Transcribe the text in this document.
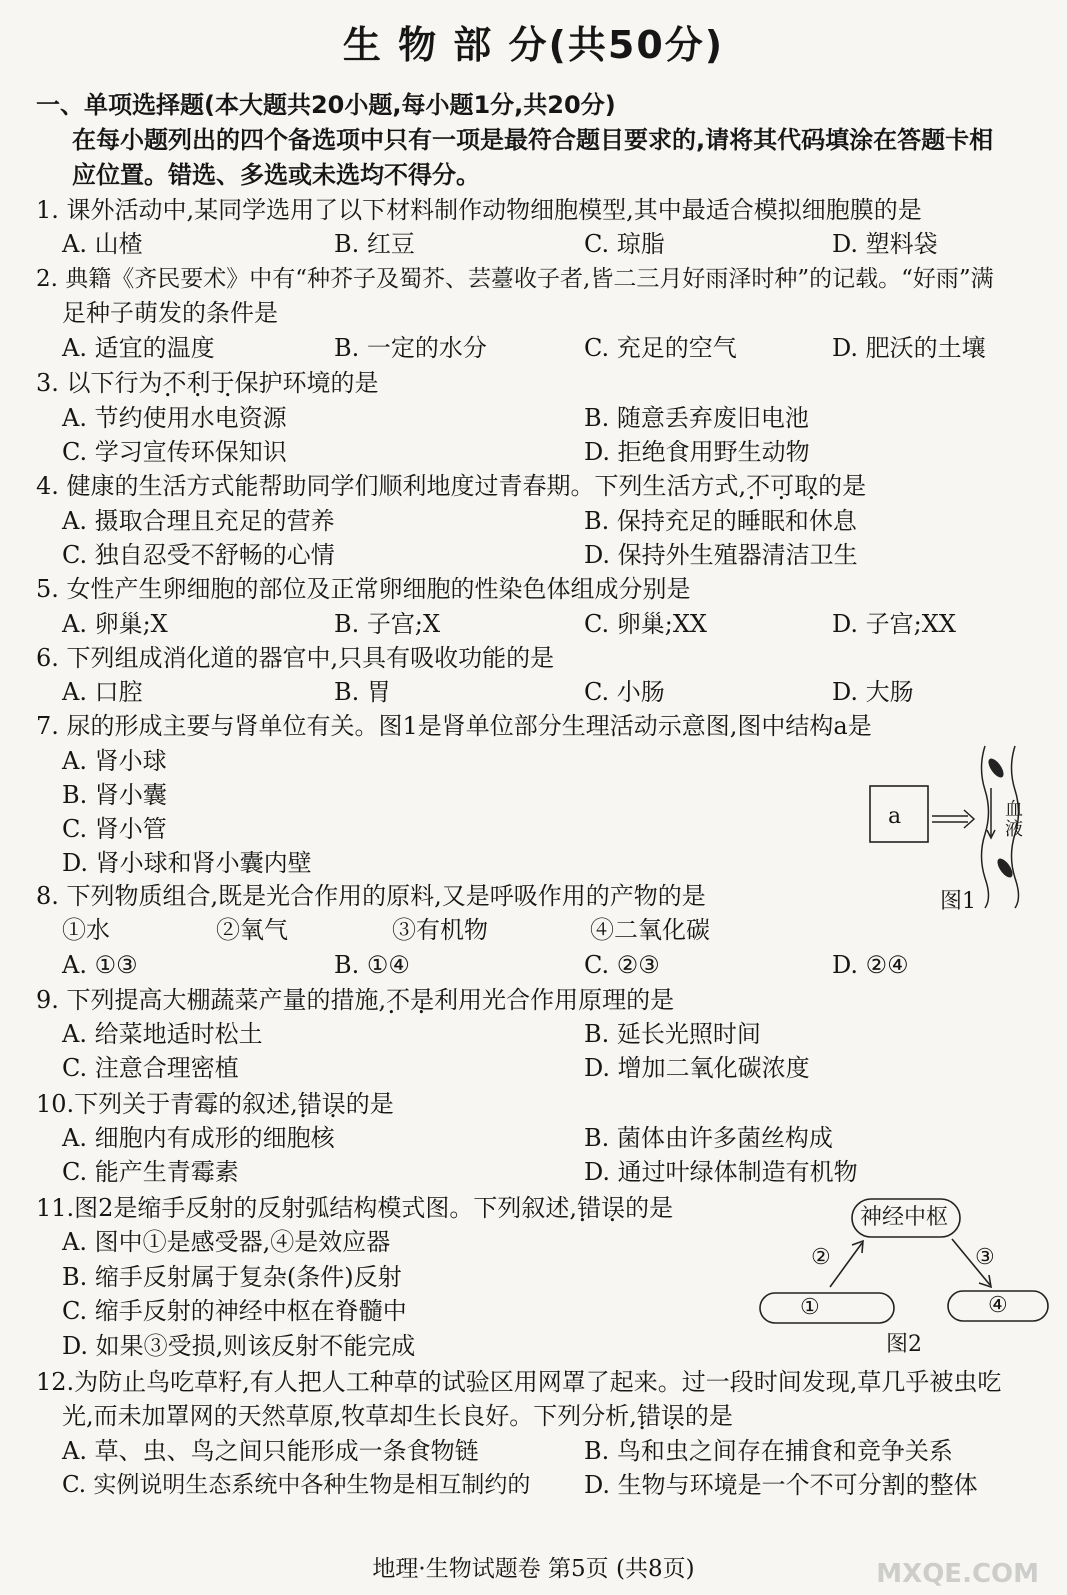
生 物 部 分(共50分)
一、单项选择题(本大题共20小题,每小题1分,共20分)
在每小题列出的四个备选项中只有一项是最符合题目要求的,请将其代码填涂在答题卡相
应位置。错选、多选或未选均不得分。
1. 课外活动中,某同学选用了以下材料制作动物细胞模型,其中最适合模拟细胞膜的是
A. 山楂	B. 红豆	C. 琼脂	D. 塑料袋
2. 典籍《齐民要术》中有“种芥子及蜀芥、芸薹收子者,皆二三月好雨泽时种”的记载。“好雨”满
足种子萌发的条件是
A. 适宜的温度	B. 一定的水分	C. 充足的空气	D. 肥沃的土壤
3. 以下行为不利于 • • •保护环境的是
A. 节约使用水电资源	B. 随意丢弃废旧电池
C. 学习宣传环保知识	D. 拒绝食用野生动物
4. 健康的生活方式能帮助同学们顺利地度过青春期。下列生活方式,不可取 • • •的是
A. 摄取合理且充足的营养	B. 保持充足的睡眠和休息
C. 独自忍受不舒畅的心情	D. 保持外生殖器清洁卫生
5. 女性产生卵细胞的部位及正常卵细胞的性染色体组成分别是
A. 卵巢;X	B. 子宫;X	C. 卵巢;XX	D. 子宫;XX
6. 下列组成消化道的器官中,只具有吸收功能的是
A. 口腔	B. 胃	C. 小肠	D. 大肠
7. 尿的形成主要与肾单位有关。图1是肾单位部分生理活动示意图,图中结构a是
A. 肾小球
B. 肾小囊
C. 肾小管
D. 肾小球和肾小囊内壁
a	血液
图1
8. 下列物质组合,既是光合作用的原料,又是呼吸作用的产物的是
①水	②氧气	③有机物	④二氧化碳
A. ①③	B. ①④	C. ②③	D. ②④
9. 下列提高大棚蔬菜产量的措施,不是 • •利用光合作用原理的是
A. 给菜地适时松土	B. 延长光照时间
C. 注意合理密植	D. 增加二氧化碳浓度
10.下列关于青霉的叙述,错误 • •的是
A. 细胞内有成形的细胞核	B. 菌体由许多菌丝构成
C. 能产生青霉素	D. 通过叶绿体制造有机物
11.图2是缩手反射的反射弧结构模式图。下列叙述,错误 • •的是
A. 图中①是感受器,④是效应器
B. 缩手反射属于复杂(条件)反射
C. 缩手反射的神经中枢在脊髓中
D. 如果③受损,则该反射不能完成
神经中枢
②	③
①	④
图2
12.为防止鸟吃草籽,有人把人工种草的试验区用网罩了起来。过一段时间发现,草几乎被虫吃
光,而未加罩网的天然草原,牧草却生长良好。下列分析,错误 • •的是
A. 草、虫、鸟之间只能形成一条食物链	B. 鸟和虫之间存在捕食和竞争关系
C. 实例说明生态系统中各种生物是相互制约的 D. 生物与环境是一个不可分割的整体
地理·生物试题卷 第5页 (共8页)	MXQE.COM
